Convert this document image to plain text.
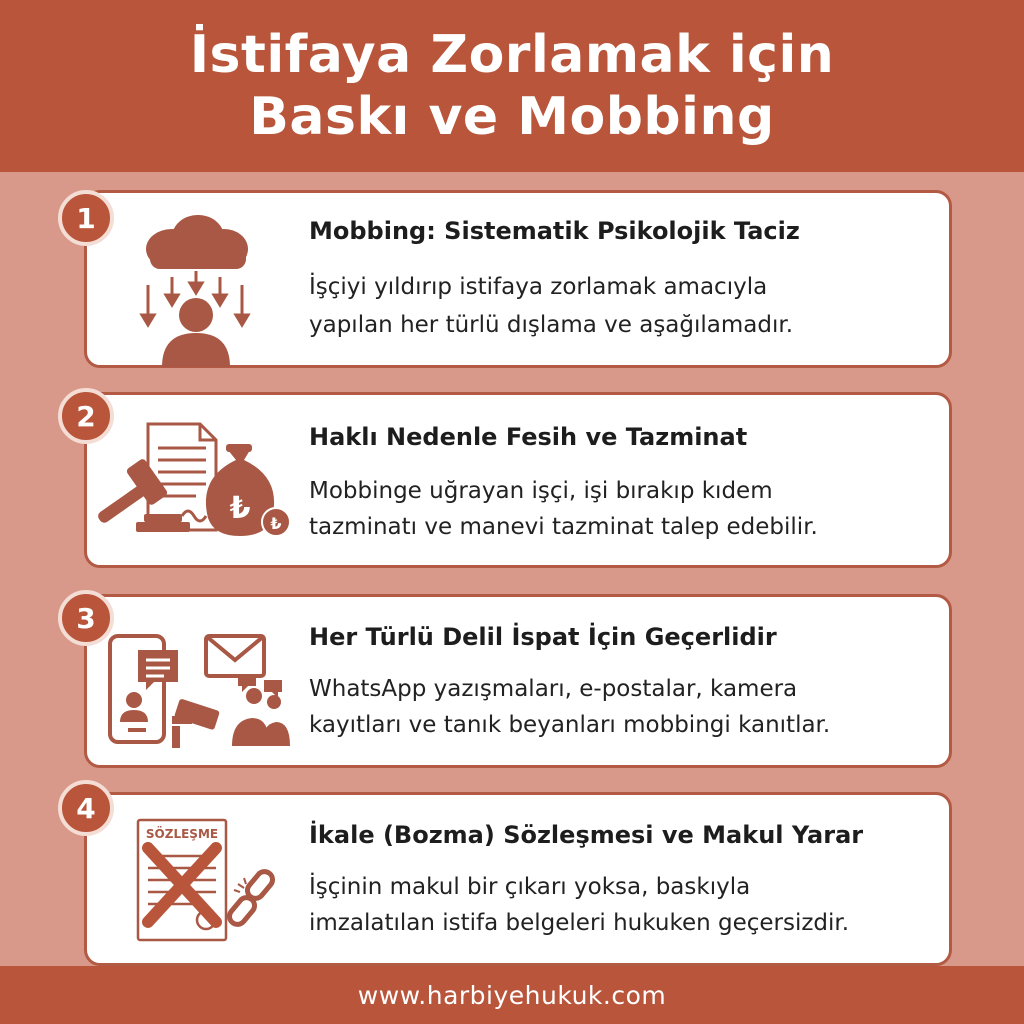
İstifaya Zorlamak için
Baskı ve Mobbing
Mobbing: Sistematik Psikolojik Taciz
İşçiyi yıldırıp istifaya zorlamak amacıyla
yapılan her türlü dışlama ve aşağılamadır.
1
Haklı Nedenle Fesih ve Tazminat
Mobbinge uğrayan işçi, işi bırakıp kıdem
tazminatı ve manevi tazminat talep edebilir.
2
₺ ₺
Her Türlü Delil İspat İçin Geçerlidir
WhatsApp yazışmaları, e-postalar, kamera
kayıtları ve tanık beyanları mobbingi kanıtlar.
3
İkale (Bozma) Sözleşmesi ve Makul Yarar
İşçinin makul bir çıkarı yoksa, baskıyla
imzalatılan istifa belgeleri hukuken geçersizdir.
4
SÖZLEŞME
www.harbiyehukuk.com
